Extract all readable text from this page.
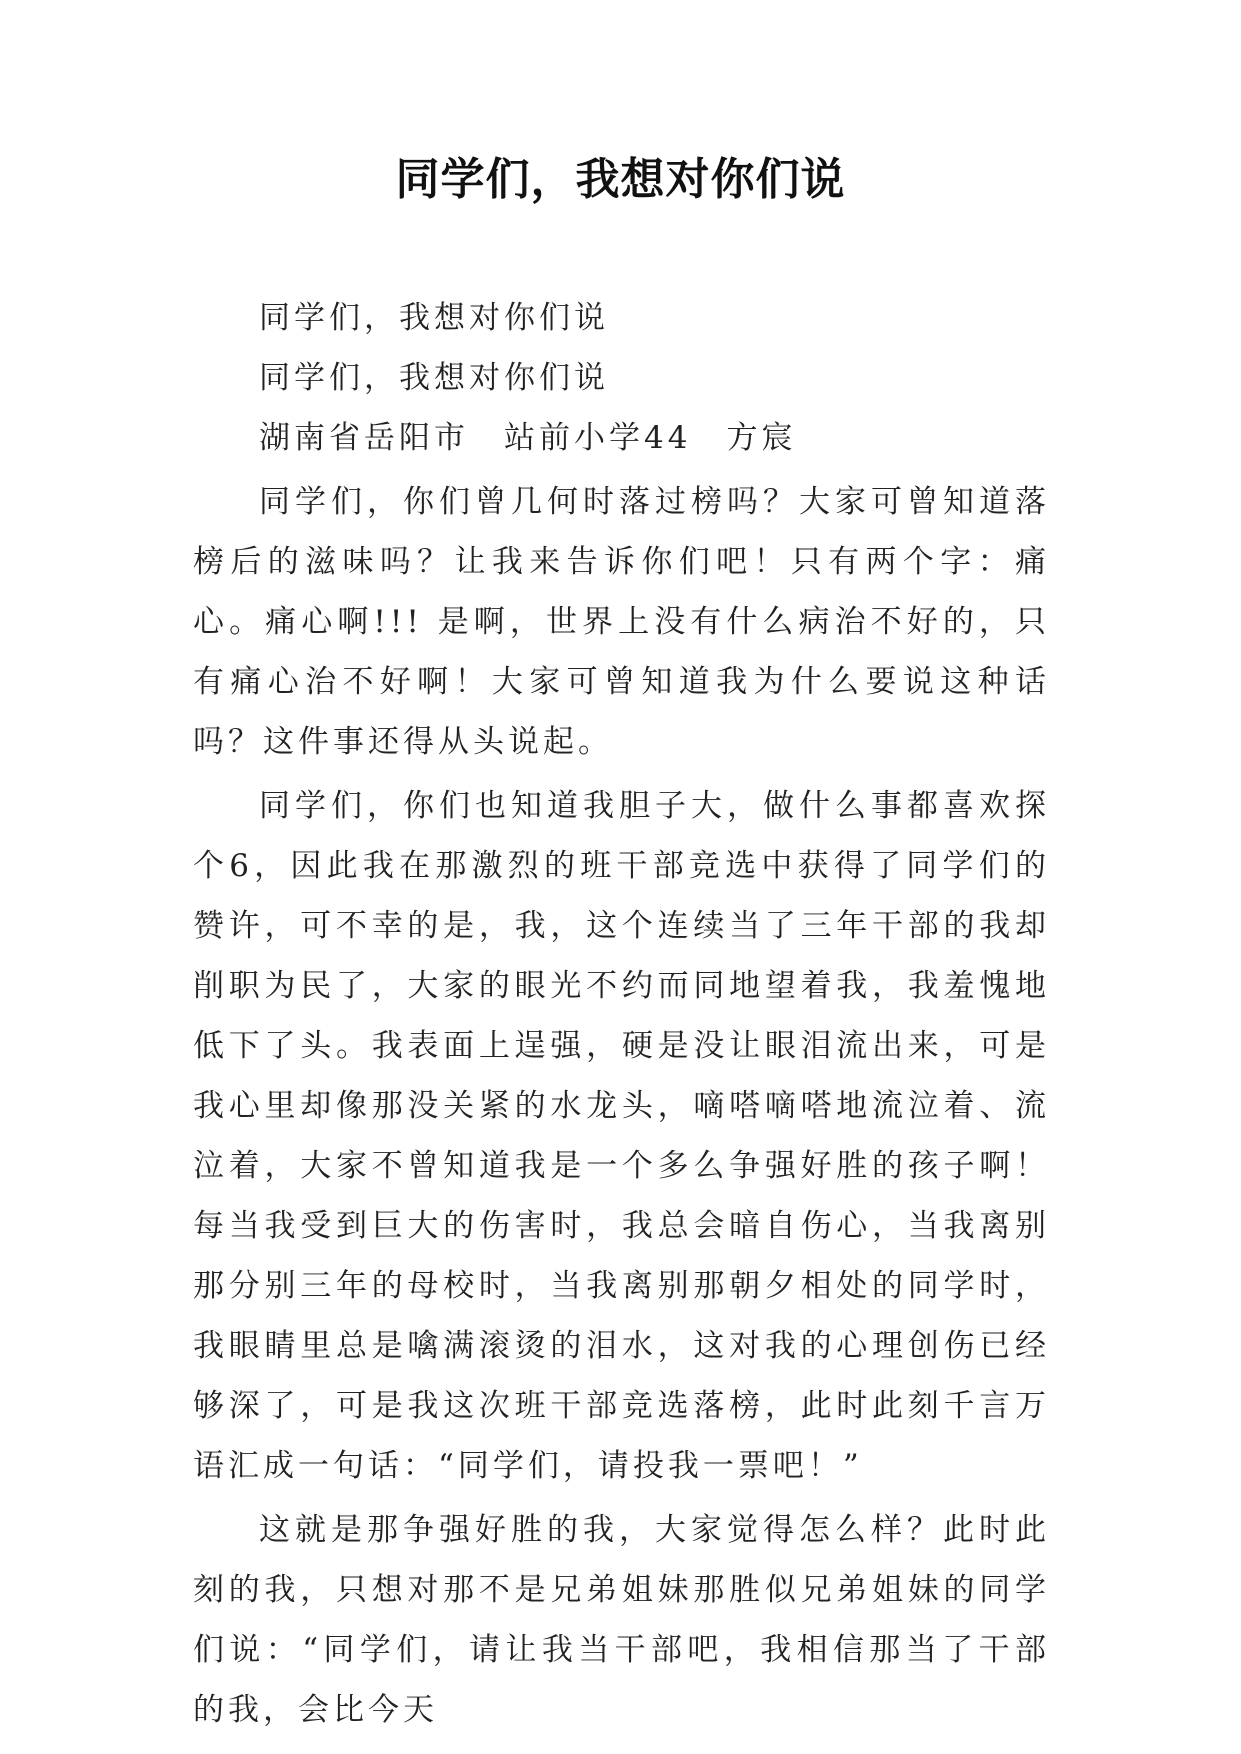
同学们，我想对你们说

同学们，我想对你们说

同学们，我想对你们说

湖南省岳阳市　站前小学44　方宸

同学们，你们曾几何时落过榜吗？大家可曾知道落榜后的滋味吗？让我来告诉你们吧！只有两个字：痛心。痛心啊!!! 是啊，世界上没有什么病治不好的，只有痛心治不好啊！大家可曾知道我为什么要说这种话吗？这件事还得从头说起。

同学们，你们也知道我胆子大，做什么事都喜欢探个6，因此我在那激烈的班干部竞选中获得了同学们的赞许，可不幸的是，我，这个连续当了三年干部的我却削职为民了，大家的眼光不约而同地望着我，我羞愧地低下了头。我表面上逞强，硬是没让眼泪流出来，可是我心里却像那没关紧的水龙头，嘀嗒嘀嗒地流泣着、流泣着，大家不曾知道我是一个多么争强好胜的孩子啊！每当我受到巨大的伤害时，我总会暗自伤心，当我离别那分别三年的母校时，当我离别那朝夕相处的同学时，我眼睛里总是噙满滚烫的泪水，这对我的心理创伤已经够深了，可是我这次班干部竞选落榜，此时此刻千言万语汇成一句话：“同学们，请投我一票吧！”

这就是那争强好胜的我，大家觉得怎么样？此时此刻的我，只想对那不是兄弟姐妹那胜似兄弟姐妹的同学们说：“同学们，请让我当干部吧，我相信那当了干部的我，会比今天
